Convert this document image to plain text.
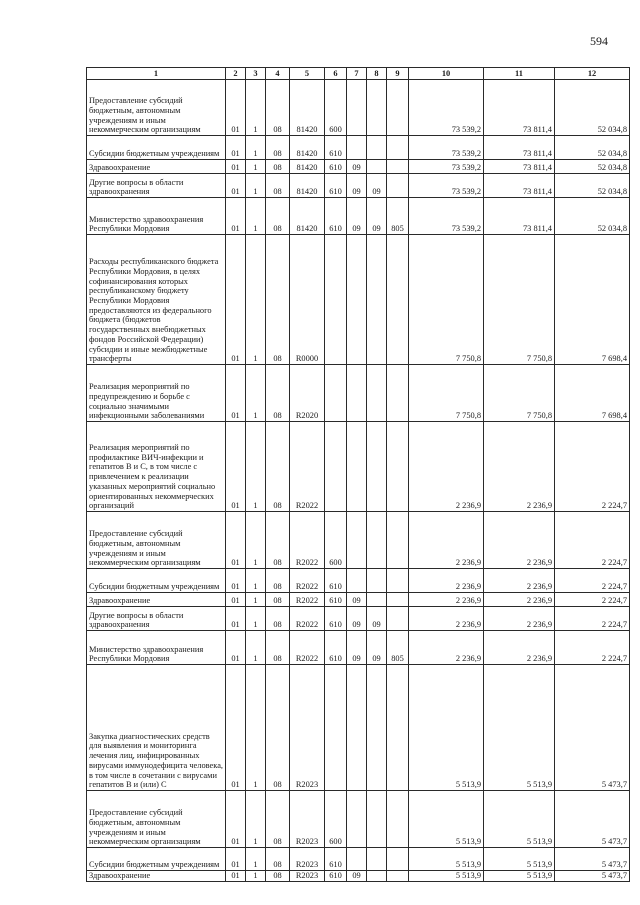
594
1	2	3	4	5	6	7	8	9	10	11	12
Предоставление субсидий бюджетным, автономным учреждениям и иным некоммерческим организациям	01	1	08	81420	600				73 539,2	73 811,4	52 034,8
Субсидии бюджетным учреждениям	01	1	08	81420	610				73 539,2	73 811,4	52 034,8
Здравоохранение	01	1	08	81420	610	09			73 539,2	73 811,4	52 034,8
Другие вопросы в области здравоохранения	01	1	08	81420	610	09	09		73 539,2	73 811,4	52 034,8
Министерство здравоохранения Республики Мордовия	01	1	08	81420	610	09	09	805	73 539,2	73 811,4	52 034,8
Расходы республиканского бюджета Республики Мордовия, в целях софинансирования которых республиканскому бюджету Республики Мордовия предоставляются из федерального бюджета (бюджетов государственных внебюджетных фондов Российской Федерации) субсидии и иные межбюджетные трансферты	01	1	08	R0000					7 750,8	7 750,8	7 698,4
Реализация мероприятий по предупреждению и борьбе с социально значимыми инфекционными заболеваниями	01	1	08	R2020					7 750,8	7 750,8	7 698,4
Реализация мероприятий по профилактике ВИЧ-инфекции и гепатитов В и С, в том числе с привлечением к реализации указанных мероприятий социально ориентированных некоммерческих организаций	01	1	08	R2022					2 236,9	2 236,9	2 224,7
Предоставление субсидий бюджетным, автономным учреждениям и иным некоммерческим организациям	01	1	08	R2022	600				2 236,9	2 236,9	2 224,7
Субсидии бюджетным учреждениям	01	1	08	R2022	610				2 236,9	2 236,9	2 224,7
Здравоохранение	01	1	08	R2022	610	09			2 236,9	2 236,9	2 224,7
Другие вопросы в области здравоохранения	01	1	08	R2022	610	09	09		2 236,9	2 236,9	2 224,7
Министерство здравоохранения Республики Мордовия	01	1	08	R2022	610	09	09	805	2 236,9	2 236,9	2 224,7
Закупка диагностических средств для выявления и мониторинга лечения лиц, инфицированных вирусами иммунодефицита человека, в том числе в сочетании с вирусами гепатитов В и (или) С	01	1	08	R2023					5 513,9	5 513,9	5 473,7
Предоставление субсидий бюджетным, автономным учреждениям и иным некоммерческим организациям	01	1	08	R2023	600				5 513,9	5 513,9	5 473,7
Субсидии бюджетным учреждениям	01	1	08	R2023	610				5 513,9	5 513,9	5 473,7
Здравоохранение	01	1	08	R2023	610	09			5 513,9	5 513,9	5 473,7
